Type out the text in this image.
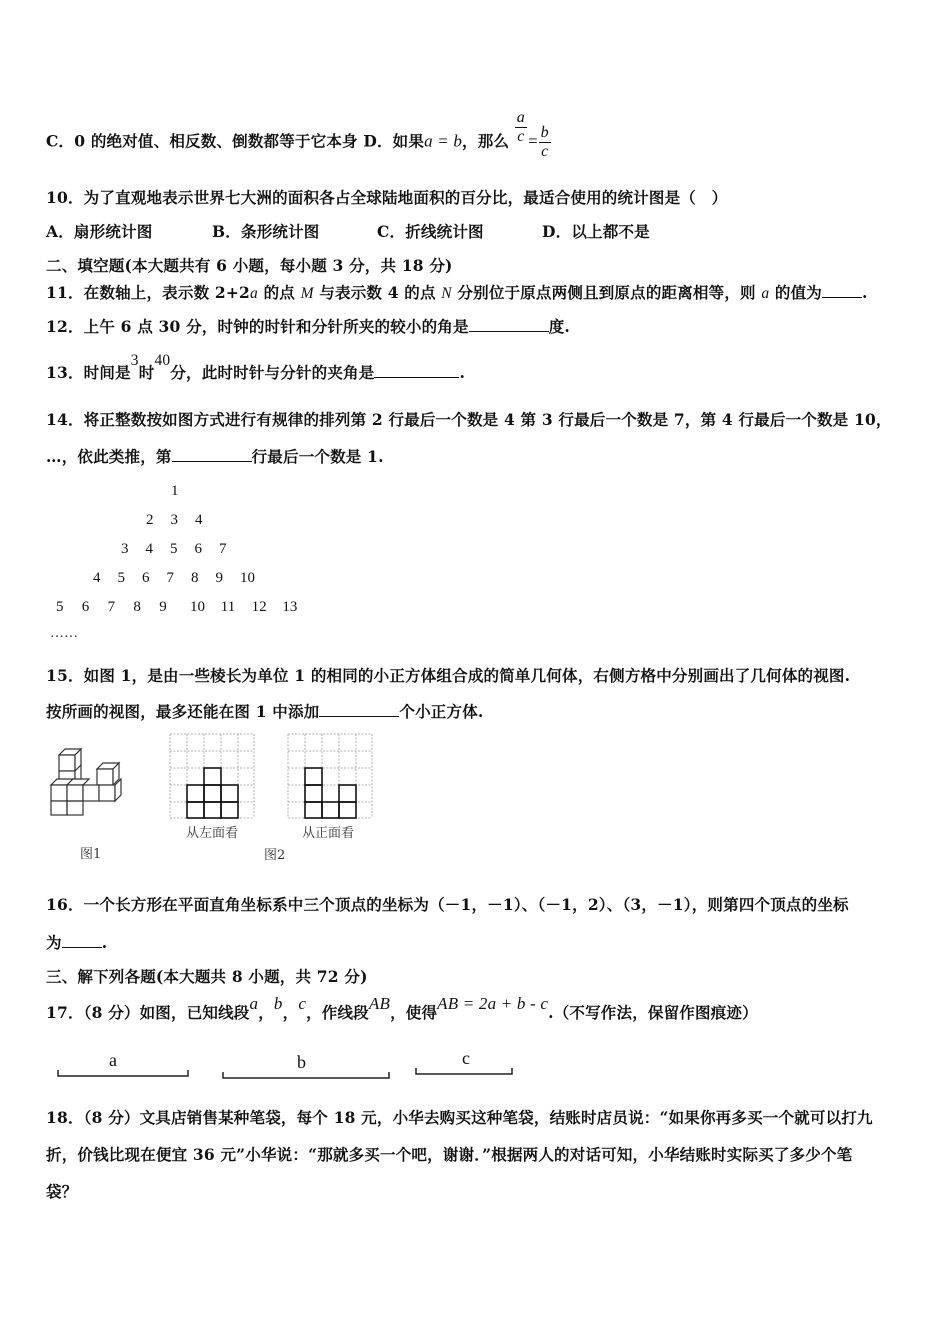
C．0 的绝对值、相反数、倒数都等于它本身 D．如果a = b，那么 $\frac{a}{c} = \frac{b}{c}$
10．为了直观地表示世界七大洲的面积各占全球陆地面积的百分比，最适合使用的统计图是（　）
A．扇形统计图	B．条形统计图	C．折线统计图	D．以上都不是
二、填空题(本大题共有 6 小题，每小题 3 分，共 18 分)
11．在数轴上，表示数 2+2a 的点 M 与表示数 4 的点 N 分别位于原点两侧且到原点的距离相等，则 a 的值为	.
12．上午 6 点 30 分，时钟的时针和分针所夹的较小的角是	度.
13．时间是3时40分，此时时针与分针的夹角是	.
14．将正整数按如图方式进行有规律的排列第 2 行最后一个数是 4 第 3 行最后一个数是 7，第 4 行最后一个数是 10，
…，依此类推，第	行最后一个数是 1.
1
2 3 4
3 4 5 6 7
4 5 6 7 8 9 10
5 6 7 8 9 10 11 12 13
……
15．如图 1，是由一些棱长为单位 1 的相同的小正方体组合成的简单几何体，右侧方格中分别画出了几何体的视图.
按所画的视图，最多还能在图 1 中添加	个小正方体.
图1
从左面看	从正面看
图2
16．一个长方形在平面直角坐标系中三个顶点的坐标为（－1，－1）、（－1，2）、（3，－1），则第四个顶点的坐标
为	.
三、解下列各题(本大题共 8 小题，共 72 分)
17．（8 分）如图，已知线段a，b，c，作线段AB，使得AB = 2a + b - c.（不写作法，保留作图痕迹）
a	b	c
18．（8 分）文具店销售某种笔袋，每个 18 元，小华去购买这种笔袋，结账时店员说：“如果你再多买一个就可以打九
折，价钱比现在便宜 36 元”小华说：“那就多买一个吧，谢谢．”根据两人的对话可知，小华结账时实际买了多少个笔
袋？
